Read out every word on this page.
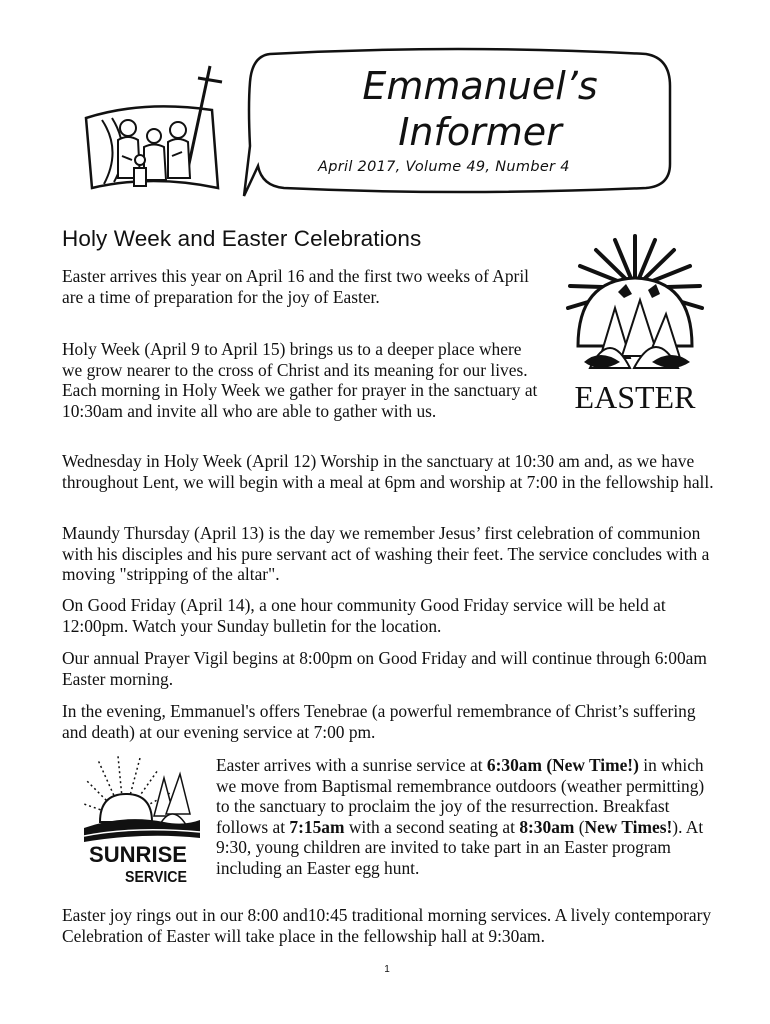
Emmanuel’s
Informer
April 2017, Volume 49, Number 4
Holy Week and Easter Celebrations
EASTER

Easter arrives this year on April 16 and the first two weeks of April are a time of preparation for the joy of Easter.

Holy Week (April 9 to April 15) brings us to a deeper place where we grow nearer to the cross of Christ and its meaning for our lives. Each morning in Holy Week we gather for prayer in the sanctuary at 10:30am and invite all who are able to gather with us.

Wednesday in Holy Week (April 12) Worship in the sanctuary at 10:30 am and, as we have throughout Lent, we will begin with a meal at 6pm and worship at 7:00 in the fellowship hall.

Maundy Thursday (April 13) is the day we remember Jesus’ first celebration of communion with his disciples and his pure servant act of washing their feet. The service concludes with a moving "stripping of the altar".

On Good Friday (April 14), a one hour community Good Friday service will be held at 12:00pm. Watch your Sunday bulletin for the location.

Our annual Prayer Vigil begins at 8:00pm on Good Friday and will continue through 6:00am Easter morning.

In the evening, Emmanuel's offers Tenebrae (a powerful remembrance of Christ’s suffering and death) at our evening service at 7:00 pm.

SUNRISE
SERVICE

Easter arrives with a sunrise service at 6:30am (New Time!) in which we move from Baptismal remembrance outdoors (weather permitting) to the sanctuary to proclaim the joy of the resurrection. Breakfast follows at 7:15am with a second seating at 8:30am (New Times!). At 9:30, young children are invited to take part in an Easter program including an Easter egg hunt.

Easter joy rings out in our 8:00 and10:45 traditional morning services. A lively contemporary Celebration of Easter will take place in the fellowship hall at 9:30am.

1
